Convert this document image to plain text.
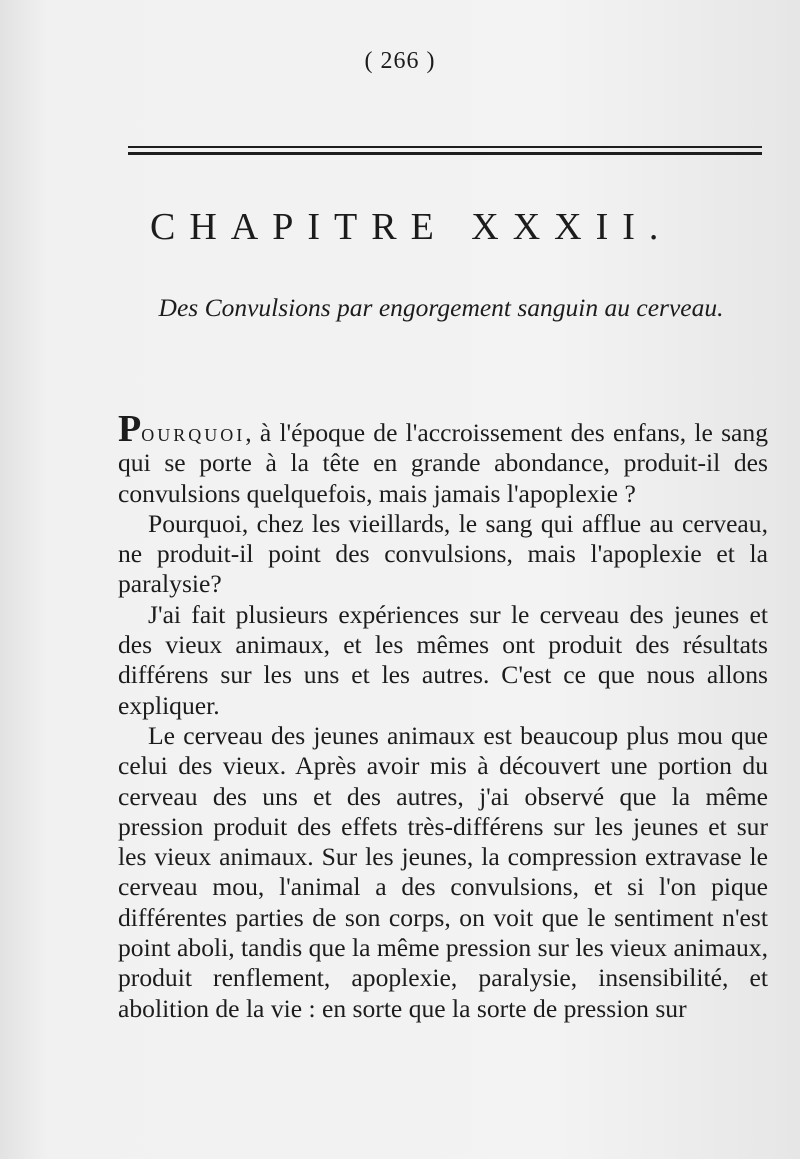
( 266 )
CHAPITRE XXXII.
Des Convulsions par engorgement sanguin au cerveau.

Pourquoi, à l'époque de l'accroissement des enfans, le sang qui se porte à la tête en grande abondance, produit-il des convulsions quelquefois, mais jamais l'apoplexie ?

Pourquoi, chez les vieillards, le sang qui afflue au cerveau, ne produit-il point des convulsions, mais l'apoplexie et la paralysie?

J'ai fait plusieurs expériences sur le cerveau des jeunes et des vieux animaux, et les mêmes ont produit des résultats différens sur les uns et les autres. C'est ce que nous allons expliquer.

Le cerveau des jeunes animaux est beaucoup plus mou que celui des vieux. Après avoir mis à découvert une portion du cerveau des uns et des autres, j'ai observé que la même pression produit des effets très-différens sur les jeunes et sur les vieux animaux. Sur les jeunes, la compression extravase le cerveau mou, l'animal a des convulsions, et si l'on pique différentes parties de son corps, on voit que le sentiment n'est point aboli, tandis que la même pression sur les vieux animaux, produit renflement, apoplexie, paralysie, insensibilité, et abolition de la vie : en sorte que la sorte de pression sur
